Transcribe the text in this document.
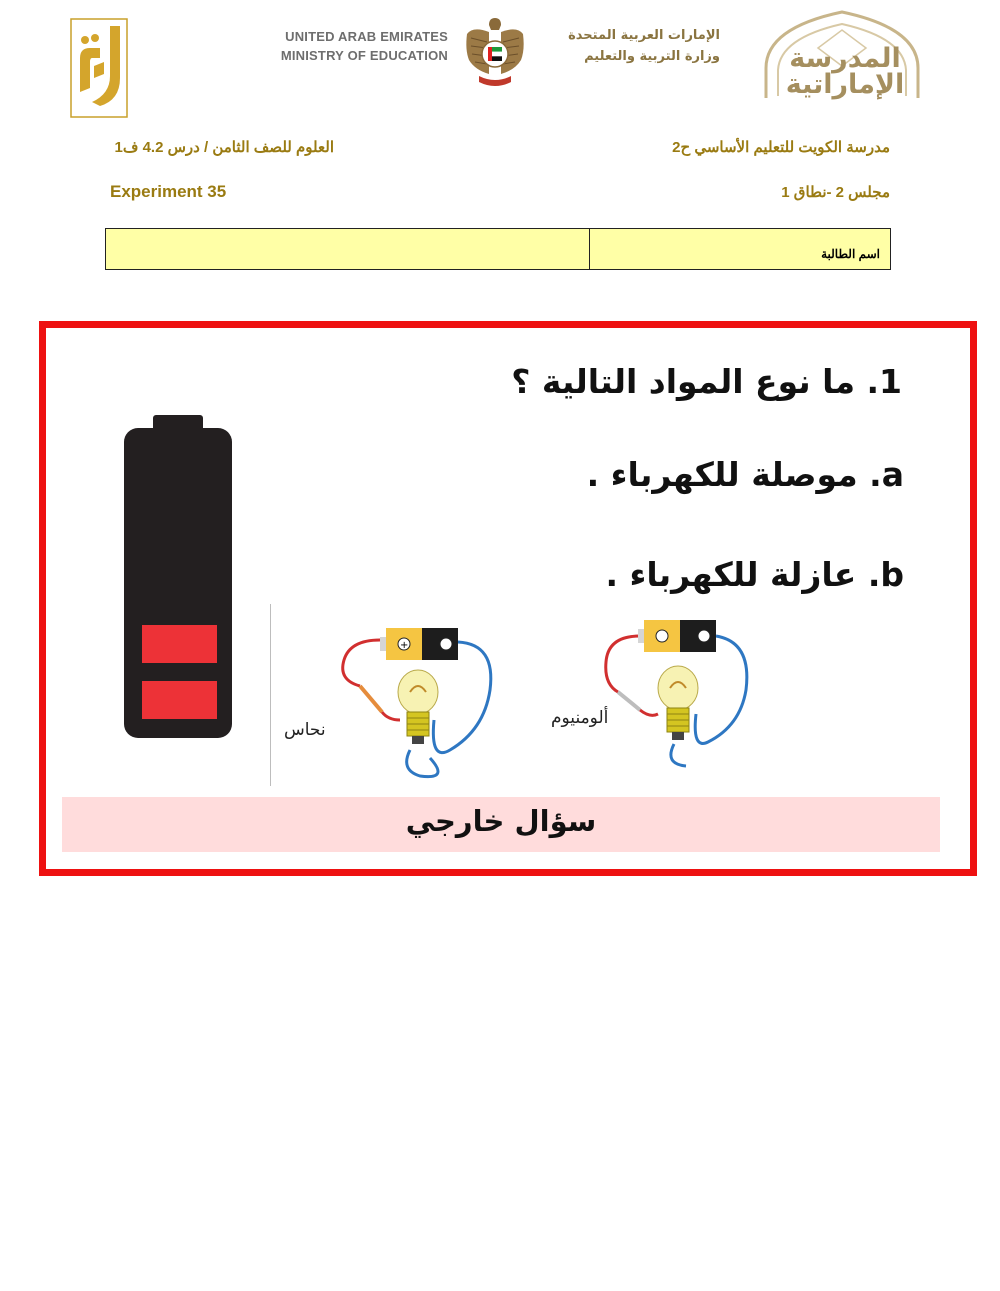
UNITED ARAB EMIRATES
MINISTRY OF EDUCATION
الإمارات العربية المتحدة
وزارة التربية والتعليم	المدرسة
الإماراتية
مدرسة الكويت للتعليم الأساسي ح2
العلوم للصف الثامن / درس 4.2 ف1
مجلس 2 -نطاق 1
Experiment 35
اسم الطالبة
1. ما نوع المواد التالية ؟
a. موصلة للكهرباء .
b. عازلة للكهرباء .
+
نحاس
ألومنيوم
سؤال خارجي
